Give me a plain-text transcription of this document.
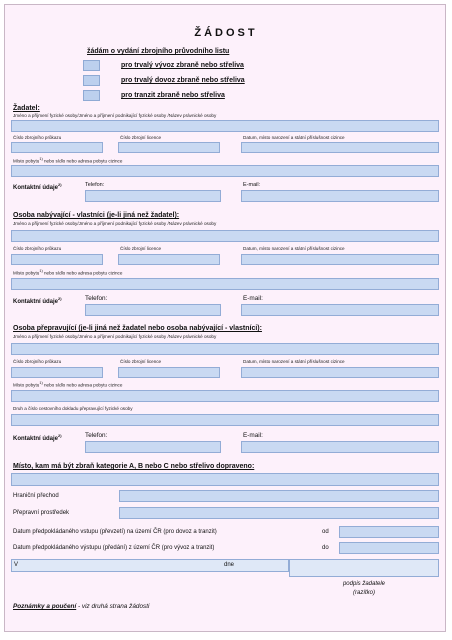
ŽÁDOST
žádám o vydání zbrojního průvodního listu
pro trvalý vývoz zbraně nebo střeliva
pro trvalý dovoz zbraně nebo střeliva
pro tranzit zbraně nebo střeliva
Žadatel:
Jméno a příjmení fyzické osoby/Jméno a příjmení podnikající fyzické osoby /Název právnické osoby
Číslo zbrojního průkazu	Číslo zbrojní licence	Datum, místo narození a státní příslušnost cizince
Místo pobytu$^{1)}$ nebo sídlo nebo adresa pobytu cizince
Kontaktní údaje$^{2)}$	Telefon:	E-mail:
Osoba nabývající - vlastníci (je-li jiná než žadatel):
Jméno a příjmení fyzické osoby/Jméno a příjmení podnikající fyzické osoby /Název právnické osoby
Číslo zbrojního průkazu	Číslo zbrojní licence	Datum, místo narození a státní příslušnost cizince
Místo pobytu$^{1)}$ nebo sídlo nebo adresa pobytu cizince
Kontaktní údaje$^{2)}$	Telefon:	E-mail:
Osoba přepravující (je-li jiná než žadatel nebo osoba nabývající - vlastníci):
Jméno a příjmení fyzické osoby/Jméno a příjmení podnikající fyzické osoby /Název právnické osoby
Číslo zbrojního průkazu	Číslo zbrojní licence	Datum, místo narození a státní příslušnost cizince
Místo pobytu$^{1)}$ nebo sídlo nebo adresa pobytu cizince
Druh a číslo cestovního dokladu přepravující fyzické osoby
Kontaktní údaje$^{2)}$	Telefon:	E-mail:
Místo, kam má být zbraň kategorie A, B nebo C nebo střelivo dopraveno:
Hraniční přechod
Přepravní prostředek
Datum předpokládaného vstupu (převzetí) na území ČR (pro dovoz a tranzit)	od
Datum předpokládaného výstupu (předání) z území ČR (pro vývoz a tranzit)	do
V	dne
podpis žadatele
(razítko)
Poznámky a poučení - viz druhá strana žádosti
